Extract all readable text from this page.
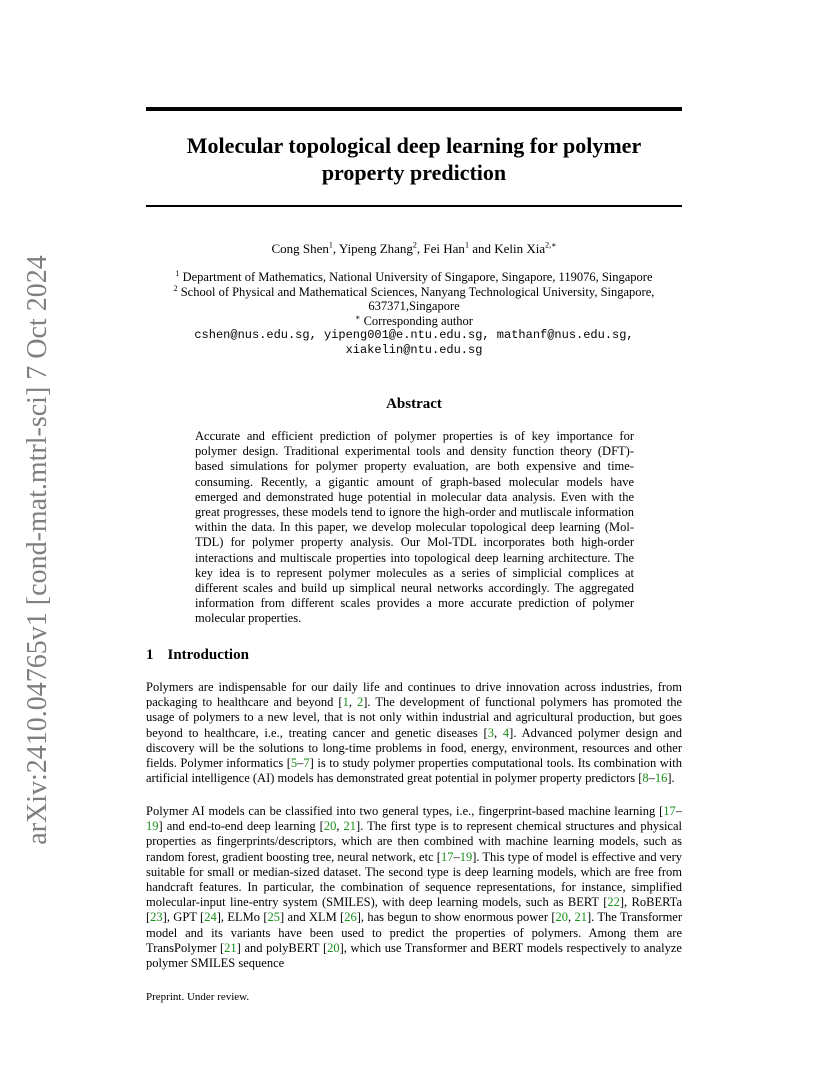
arXiv:2410.04765v1 [cond-mat.mtrl-sci] 7 Oct 2024
Molecular topological deep learning for polymer property prediction
Cong Shen$^1$, Yipeng Zhang$^2$, Fei Han$^1$ and Kelin Xia$^{2,∗}$
$^1$ Department of Mathematics, National University of Singapore, Singapore, 119076, Singapore
$^2$ School of Physical and Mathematical Sciences, Nanyang Technological University, Singapore,
637371,Singapore
∗ Corresponding author
cshen@nus.edu.sg, yipeng001@e.ntu.edu.sg, mathanf@nus.edu.sg,
xiakelin@ntu.edu.sg
Abstract

Accurate and efficient prediction of polymer properties is of key importance for polymer design. Traditional experimental tools and density function theory (DFT)-based simulations for polymer property evaluation, are both expensive and time-consuming. Recently, a gigantic amount of graph-based molecular models have emerged and demonstrated huge potential in molecular data analysis. Even with the great progresses, these models tend to ignore the high-order and mutliscale information within the data. In this paper, we develop molecular topological deep learning (Mol-TDL) for polymer property analysis. Our Mol-TDL incorporates both high-order interactions and multiscale properties into topological deep learning architecture. The key idea is to represent polymer molecules as a series of simplicial complices at different scales and build up simplical neural networks accordingly. The aggregated information from different scales provides a more accurate prediction of polymer molecular properties.

1 Introduction

Polymers are indispensable for our daily life and continues to drive innovation across industries, from packaging to healthcare and beyond [1, 2]. The development of functional polymers has promoted the usage of polymers to a new level, that is not only within industrial and agricultural production, but goes beyond to healthcare, i.e., treating cancer and genetic diseases [3, 4]. Advanced polymer design and discovery will be the solutions to long-time problems in food, energy, environment, resources and other fields. Polymer informatics [5–7] is to study polymer properties computational tools. Its combination with artificial intelligence (AI) models has demonstrated great potential in polymer property predictors [8–16].

Polymer AI models can be classified into two general types, i.e., fingerprint-based machine learning [17–19] and end-to-end deep learning [20, 21]. The first type is to represent chemical structures and physical properties as fingerprints/descriptors, which are then combined with machine learning models, such as random forest, gradient boosting tree, neural network, etc [17–19]. This type of model is effective and very suitable for small or median-sized dataset. The second type is deep learning models, which are free from handcraft features. In particular, the combination of sequence representations, for instance, simplified molecular-input line-entry system (SMILES), with deep learning models, such as BERT [22], RoBERTa [23], GPT [24], ELMo [25] and XLM [26], has begun to show enormous power [20, 21]. The Transformer model and its variants have been used to predict the properties of polymers. Among them are TransPolymer [21] and polyBERT [20], which use Transformer and BERT models respectively to analyze polymer SMILES sequence

Preprint. Under review.
